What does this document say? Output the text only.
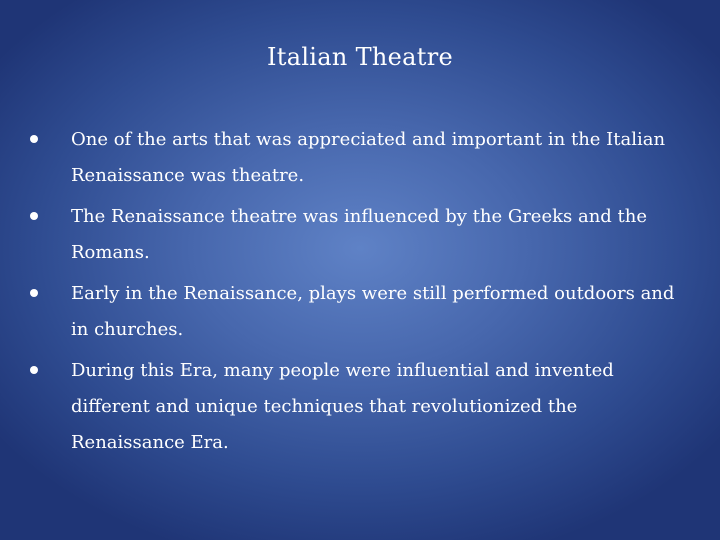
Italian Theatre
One of the arts that was appreciated and important in the Italian Renaissance was theatre.
The Renaissance theatre was influenced by the Greeks and the Romans.
Early in the Renaissance, plays were still performed outdoors and in churches.
During this Era, many people were influential and invented different and unique techniques that revolutionized the Renaissance Era.
